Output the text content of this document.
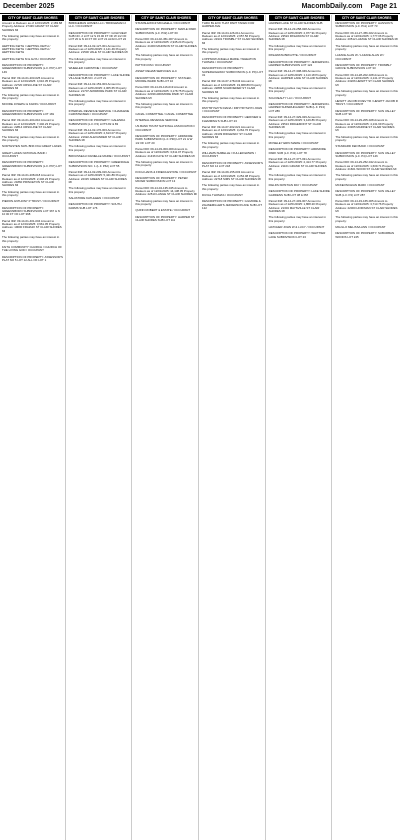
December 2025	MacombDaily.com Page 21
CITY OF SAINT CLAIR SHORES
Amount to Redeem as of 12/01/2025: 2,183.68 Property Address: 27436 GRANT ST CLAIR SHORES MI
The following parties may have an interest in this property:
HEPTING KEITH / HEPTING KEITH / HEPTING KEITH / HEPTING KEITH / HEPTING KEITH
HEPTING KEITH M & ALTA / OCCUPANT
DESCRIPTION OF PROPERTY: GREENSBORO SUBDIVISION (L.F. P67) LOT 149
Parcel ID#: 09-14-01-203-025 Amount to Redeem as of 12/01/2025: 4,610.35 Property Address: 22720 URSULINE ST CLAIR SHORES MI
The following parties may have an interest in this property:
MOORE JOSEPH & KARIN / OCCUPANT
DESCRIPTION OF PROPERTY: GREENSBORO SUBDIVISION LOT 181
Parcel ID#: 09-14-01-204-010 Amount to Redeem as of 12/01/2025: 7,440.23 Property Address: 22814 URSULINE ST CLAIR SHORES MI
The following parties may have an interest in this property:
NORTHSTEN NATL BNK FKA GREAT LAKES
GREAT LAKES NATIONAL BANK / OCCUPANT
DESCRIPTION OF PROPERTY: GREENSBORO SUBDIVISION (L.F. P67) LOT 290
Parcel ID#: 09-14-01-208-018 Amount to Redeem as of 12/01/2025: 2,446.23 Property Address: 21860 PRINCETON ST CLAIR SHORES MI
The following parties may have an interest in this property:
PIERON ANTHONY P TRUST / OCCUPANT
DESCRIPTION OF PROPERTY: GREENSBORO SUBDIVISION LOT 367 & N 10 00 FT OF LOT 368
Parcel ID#: 09-14-01-401-004 Amount to Redeem as of 12/01/2025: 3,961.05 Property Address: 19600 FRAZHO ST CLAIR SHORES MI
The following parties may have an interest in this property:
FAITH COMMUNITY CHURCH / CHURCH OF THE LIVING GOD / OCCUPANT
DESCRIPTION OF PROPERTY: ASSESSOR'S PLAT NO 5 LOT 12 ALL OF LOT 1
CITY OF SAINT CLAIR SHORES
BRIDGEMAN HOMES LLC / BRIDGEMAN 2 LLC / OCCUPANT
DESCRIPTION OF PROPERTY: GOLFVIEW SUB NO. 2 LOT 12 S 15.00 FT OF W 1/2 OF LOT 20 & N 10 FT OF LOT 21 ALSO LOT 22
Parcel ID#: 09-14-02-127-001 Amount to Redeem as of 12/01/2025: 2,141.49 Property Address: 21500 VALE ST CLAIR SHORES MI
The following parties may have an interest in this property:
WHEELER CHRISTINE / OCCUPANT
DESCRIPTION OF PROPERTY: LAKE SHORE VILLAGE SUB NO. 2 LOT 21
Parcel ID#: 09-14-02-153-003 Amount to Redeem as of 12/01/2025: 4,005.65 Property Address: 21707 ARDMORE PARK ST CLAIR SHORES MI
The following parties may have an interest in this property:
INTERNAL REVENUE SERVICE / CHARLENE CHRISTENSEN / OCCUPANT
DESCRIPTION OF PROPERTY: GALENDA SUBDIVISION (L.F. P4) LOTS 82 & 83
Parcel ID#: 09-14-02-176-003 Amount to Redeem as of 12/01/2025: 2,613.07 Property Address: 21922 ALEXANDER ST CLAIR SHORES MI
The following parties may have an interest in this property:
BROUSSEAU DANIELLE MARIE / OCCUPANT
DESCRIPTION OF PROPERTY: GREENDALE SUBDIVISION NO. 1 (L.F. P62) LOT 55
Parcel ID#: 09-14-02-209-016 Amount to Redeem as of 12/01/2025: 5,441.89 Property Address: 22315 GREEN ST CLAIR SHORES MI
The following parties may have an interest in this property:
SALVATORE KATHLEEN / OCCUPANT
DESCRIPTION OF PROPERTY: SOUTH FARMS SUB LOT 176
CITY OF SAINT CLAIR SHORES
STANISLEWICZ MICHAELA / OCCUPANT
DESCRIPTION OF PROPERTY: MAPLE PARK SUBDIVISION (L.F. P32) LOT 60
Parcel ID#: 09-14-02-451-007 Amount to Redeem as of 12/01/2025: 2,945.24 Property Address: 21000 MADISON ST CLAIR SHORES MI
The following parties may have an interest in this property:
PATTON KIM / OCCUPANT
ASSET REHAB SERVICES LLC
DESCRIPTION OF PROPERTY: STATLER-MOORE-WARD SUB LOT 10
Parcel ID#: 09-14-03-116-019 Amount to Redeem as of 12/01/2025: 3,178.75 Property Address: 22039 ARDMORE PARK ST CLAIR SHORES MI
The following parties may have an interest in this property:
CANAL COMMITTEE / CANAL COMMITTEE
INTERNAL REVENUE SERVICE
US BANK TRUST NATIONAL ASSOCIATION / OCCUPANT
DESCRIPTION OF PROPERTY: ARDMORE PARK SUBDIVISION (L.F. P30) LOT 21 & W 1/2 OF LOT 20
Parcel ID#: 09-14-03-303-009 Amount to Redeem as of 12/01/2025: 3,611.07 Property Address: 21436 KAYE ST CLAIR SHORES MI
The following parties may have an interest in this property:
KOCH HANS & FRIEDA ESTATE / OCCUPANT
DESCRIPTION OF PROPERTY: PETER MAYER SUBDIVISION LOT 13
Parcel ID#: 09-14-04-135-045 Amount to Redeem as of 12/01/2025: 14,138.05 Property Address: 22510 LANGE ST CLAIR SHORES MI
The following parties may have an interest in this property:
QUINN ROBERT & ESTATE / OCCUPANT
DESCRIPTION OF PROPERTY: HARPER ST CLAIR SHORES SUB LOT 111
CITY OF SAINT CLAIR SHORES
THRU BL EXC THAT PART TAKEN FOR HARPER AVE
Parcel ID#: 09-14-04-126-011 Amount to Redeem as of 12/01/2025: 2,657.56 Property Address: 21931 TROMBLY ST CLAIR SHORES MI
The following parties may have an interest in this property:
LOPPNOW ANGELA MARIE / WHEATON THOMAS / OCCUPANT
DESCRIPTION OF PROPERTY: SUPERHIGHWAY SUBDIVISION (L.F. P9) LOT 31
Parcel ID#: 09-14-07-178-043 Amount to Redeem as of 12/01/2025: 19,968.89 Property Address: 22895 SCHROEDER ST CLAIR SHORES MI
The following parties may have an interest in this property:
DMYTRYSZYN DIANA / DMYTRYSZYN JOHN / OCCUPANT
DESCRIPTION OF PROPERTY: HEFFNER & FLEMMING'S SUB LOT 23
Parcel ID#: 09-14-07-202-021 Amount to Redeem as of 12/01/2025: 3,264.76 Property Address: 23109 RIDGEWAY ST CLAIR SHORES MI
The following parties may have an interest in this property:
WILLIAMS ISABELLE / FULLER ERWIN / OCCUPANT
DESCRIPTION OF PROPERTY: ASSESSOR'S PLAT NO 14 LOT 218
Parcel ID#: 09-14-09-155-003 Amount to Redeem as of 12/01/2025: 3,254.08 Property Address: 22718 SIMS ST CLAIR SHORES MI
The following parties may have an interest in this property:
DUVAL THOMAS / OCCUPANT
DESCRIPTION OF PROPERTY: GILMORE & ZAHNEMILLER'S JEFFERSON AVE SUB LOT 122
CITY OF SAINT CLAIR SHORES
HARPER LAKE ST CLAIR SHORES SUB
Parcel ID#: 09-14-23-258-028 Amount to Redeem as of 12/01/2025: 2,977.91 Property Address: 23524 PASAWATA ST CLAIR SHORES MI
The following parties may have an interest in this property:
PASAWATA BRIGITTE / OCCUPANT
DESCRIPTION OF PROPERTY: JEFFERSON-HARPER SUBDIVISION LOT 124
Parcel ID#: 09-14-27-308-049 Amount to Redeem as of 12/01/2025: 1,113.18 Property Address: HARPER LAKE ST CLAIR SHORES MI
The following parties may have an interest in this property:
SCH REALTY LLC / OCCUPANT
DESCRIPTION OF PROPERTY: JEFFERSON-HARPER SUPERHIGHWAY SUB (L.F. P13) LOT 286
Parcel ID#: 09-14-27-329-029 Amount to Redeem as of 12/01/2025: 3,129.86 Property Address: 23513 RIDGEMONT ST CLAIR SHORES MI
The following parties may have an interest in this property:
MOSELEY ERIN MARIE / OCCUPANT
DESCRIPTION OF PROPERTY: ARDMORE PARK SUB (L.F. P31) LOT 78
Parcel ID#: 09-14-27-377-031 Amount to Redeem as of 12/01/2025: 2,414.77 Property Address: 21101 GRAND ST CLAIR SHORES MI
The following parties may have an interest in this property:
FIELDS KRISTIAN RAY / OCCUPANT
DESCRIPTION OF PROPERTY: LAKE SHORE GARDENS SUB LOT 38 & PM
Parcel ID#: 09-14-27-403-007 Amount to Redeem as of 12/01/2025: 1,868.20 Property Address: 21304 MAYSVILLE ST CLAIR SHORES MI
The following parties may have an interest in this property:
HATCHER JOHN W & LUCY / OCCUPANT
DESCRIPTION OF PROPERTY: WHITTIER LAKE SUBDIVISION LOT 23
CITY OF SAINT CLAIR SHORES
DESCRIPTION OF PROPERTY: HANSON'S SUBDIVISION (L.F. P11) LOT 73
Parcel ID#: 09-14-27-456-022 Amount to Redeem as of 12/01/2025: 1,777.06 Property Address: 20512 LAFAVE ST CLAIR SHORES MI
The following parties may have an interest in this property:
LAFAVE ALAN W / LAFAVE ALAN W / OCCUPANT
DESCRIPTION OF PROPERTY: TROMBLY GROVE SUBDIVISION LOT 33
Parcel ID#: 09-14-28-202-028 Amount to Redeem as of 12/01/2025: 4,141.47 Property Address: 23206 HEWITT ST CLAIR SHORES MI
The following parties may have an interest in this property:
HEWITT JACOB R REV TR / HEWITT JACOB R TRUST / OCCUPANT
DESCRIPTION OF PROPERTY: SUN VALLEY SUB LOT 99
Parcel ID#: 09-14-29-205-028 Amount to Redeem as of 12/01/2025: 4,131.69 Property Address: 23305 MARINE ST CLAIR SHORES MI
The following parties may have an interest in this property:
STANDARD FED BANK / OCCUPANT
DESCRIPTION OF PROPERTY: SUN VALLEY SUBDIVISION (L.F. P4) LOT 146
Parcel ID#: 09-14-29-252-042 Amount to Redeem as of 12/01/2025: 1,609.71 Property Address: 21601 WOOD ST CLAIR SHORES MI
The following parties may have an interest in this property:
MCKEONCHIAN MARK / OCCUPANT
DESCRIPTION OF PROPERTY: SUN VALLEY SUB (L.F. P4) LOT 287
Parcel ID#: 09-14-33-165-005 Amount to Redeem as of 12/01/2025: 3,713.76 Property Address: 22000 HOFFMAN ST CLAIR SHORES MI
The following parties may have an interest in this property:
MAULLO MELISSA ANN / OCCUPANT
DESCRIPTION OF PROPERTY: SUBURBAN WOODS LOT 245
